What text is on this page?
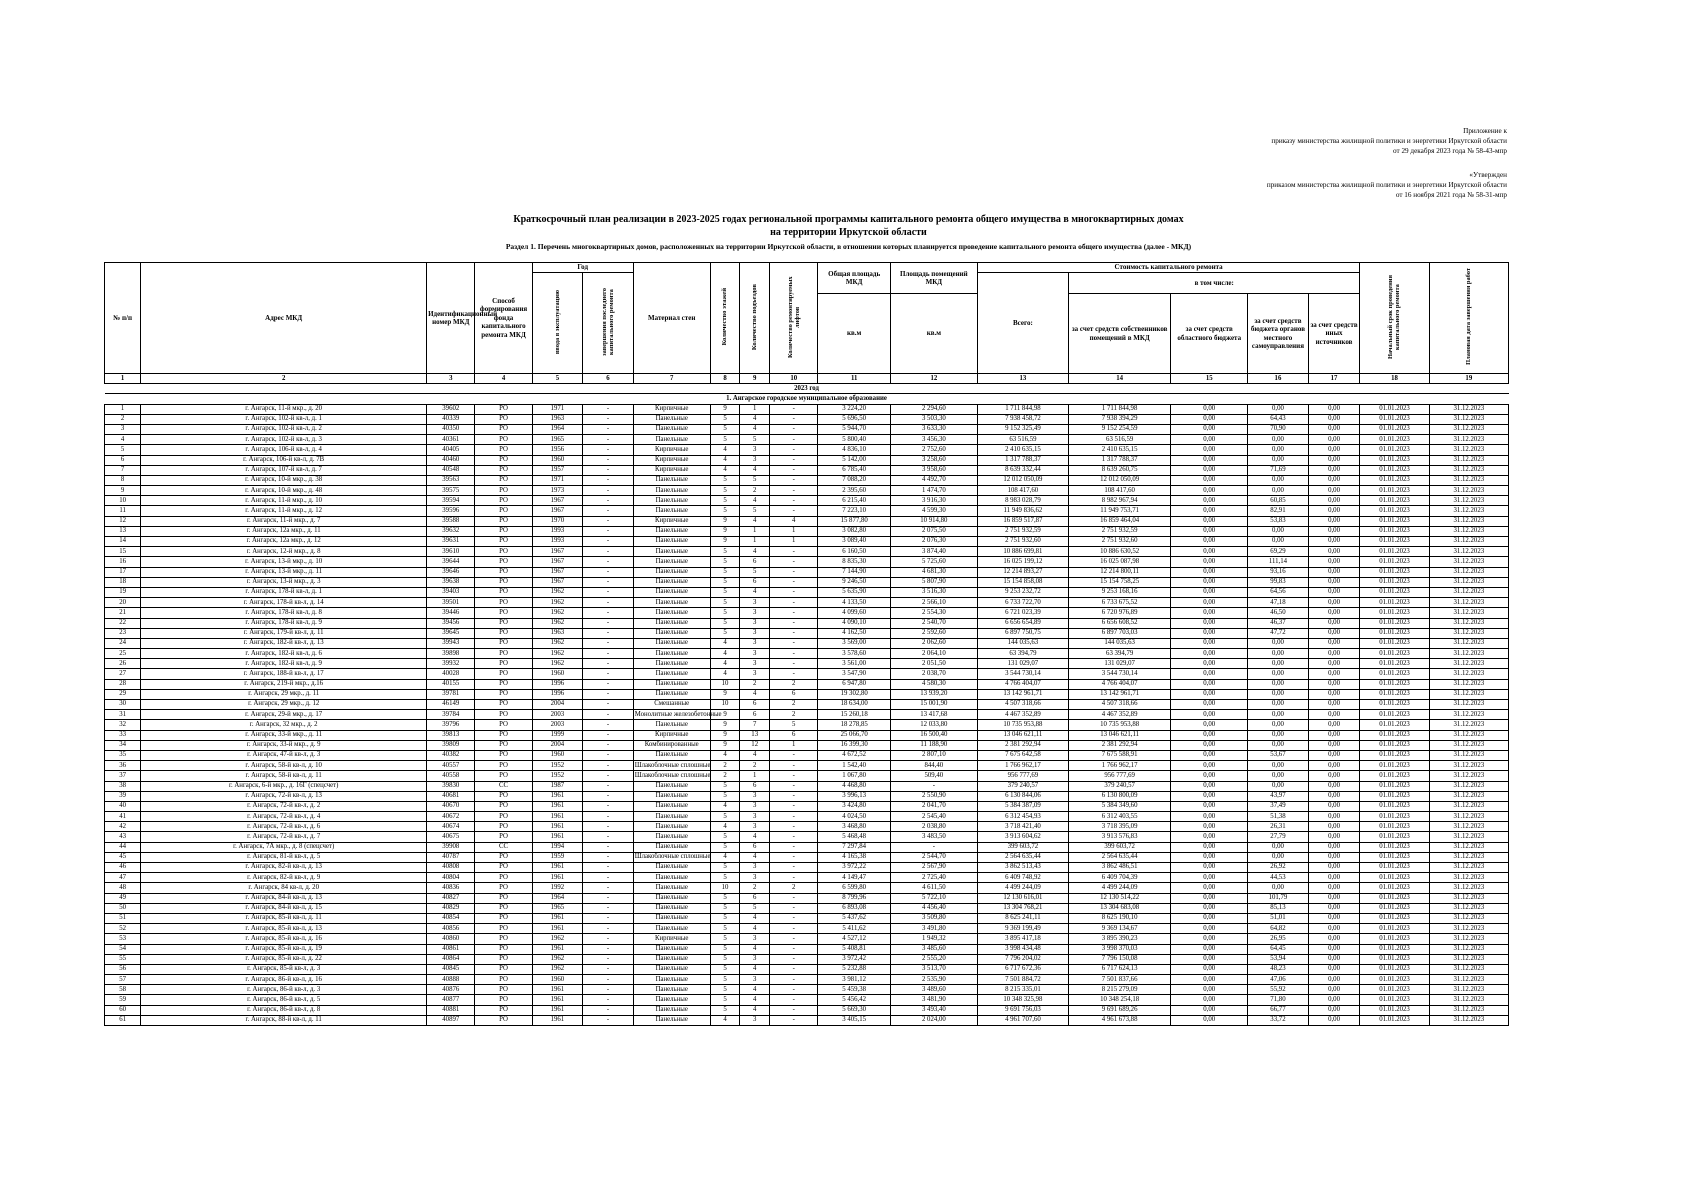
Приложение к
приказу министерства жилищной политики и энергетики Иркутской области
от 29 декабря 2023 года № 58-43-мпр
«Утвержден
приказом министерства жилищной политики и энергетики Иркутской области
от 16 ноября 2021 года № 58-31-мпр
Краткосрочный план реализации в 2023-2025 годах региональной программы капитального ремонта общего имущества в многоквартирных домах
на территории Иркутской области
Раздел 1. Перечень многоквартирных домов, расположенных на территории Иркутской области, в отношении которых планируется проведение капитального ремонта общего имущества (далее - МКД)
№ п/п	Адрес МКД	Идентификационный номер МКД	Способ формирования фонда капитального ремонта МКД	Год		Материал стен	Количество этажей	Количество подъездов	Количество ремонтируемых лифтов	Общая площадь МКД	Площадь помещений МКД	Стоимость капитального ремонта					Начальный срок проведения капитального ремонта	Плановая дата завершения работ
				ввода в эксплуатацию	завершения последнего капитального ремонта							Всего:	в том числе:					
										кв.м	кв.м		за счет средств собственников помещений в МКД	за счет средств областного бюджета	за счет средств бюджета органов местного самоуправления	за счет средств иных источников		
1	2	3	4	5	6	7	8	9	10	11	12	13	14	15	16	17	18	19
2023 год																		
1. Ангарское городское муниципальное образование																		
1	г. Ангарск, 11-й мкр., д. 20	39602	РО	1971	-	Кирпичные	9	1	-	3 224,20	2 294,60	1 711 844,98	1 711 844,98	0,00	0,00	0,00	01.01.2023	31.12.2023
2	г. Ангарск, 102-й кв-л, д. 1	40339	РО	1963	-	Панельные	5	4	-	5 696,50	3 503,30	7 938 458,72	7 938 394,29	0,00	64,43	0,00	01.01.2023	31.12.2023
3	г. Ангарск, 102-й кв-л, д. 2	40350	РО	1964	-	Панельные	5	4	-	5 944,70	3 633,30	9 152 325,49	9 152 254,59	0,00	70,90	0,00	01.01.2023	31.12.2023
4	г. Ангарск, 102-й кв-л, д. 3	40361	РО	1965	-	Панельные	5	5	-	5 800,40	3 456,30	63 516,59	63 516,59	0,00	0,00	0,00	01.01.2023	31.12.2023
5	г. Ангарск, 106-й кв-л, д. 4	40405	РО	1956	-	Кирпичные	4	3	-	4 836,10	2 752,60	2 410 635,15	2 410 635,15	0,00	0,00	0,00	01.01.2023	31.12.2023
6	г. Ангарск, 106-й кв-л, д. 7В	40460	РО	1960	-	Кирпичные	4	3	-	5 142,00	3 258,60	1 317 788,37	1 317 788,37	0,00	0,00	0,00	01.01.2023	31.12.2023
7	г. Ангарск, 107-й кв-л, д. 7	40548	РО	1957	-	Кирпичные	4	4	-	6 785,40	3 958,60	8 639 332,44	8 639 260,75	0,00	71,69	0,00	01.01.2023	31.12.2023
8	г. Ангарск, 10-й мкр., д. 38	39563	РО	1971	-	Панельные	5	5	-	7 088,20	4 492,70	12 012 050,09	12 012 050,09	0,00	0,00	0,00	01.01.2023	31.12.2023
9	г. Ангарск, 10-й мкр., д. 48	39575	РО	1973	-	Панельные	5	2	-	2 395,60	1 474,70	108 417,60	108 417,60	0,00	0,00	0,00	01.01.2023	31.12.2023
10	г. Ангарск, 11-й мкр., д. 10	39594	РО	1967	-	Панельные	5	4	-	6 215,40	3 916,30	8 983 028,79	8 982 967,94	0,00	60,85	0,00	01.01.2023	31.12.2023
11	г. Ангарск, 11-й мкр., д. 12	39596	РО	1967	-	Панельные	5	5	-	7 223,10	4 599,30	11 949 836,62	11 949 753,71	0,00	82,91	0,00	01.01.2023	31.12.2023
12	г. Ангарск, 11-й мкр., д. 7	39588	РО	1970	-	Кирпичные	9	4	4	15 877,80	10 914,80	16 859 517,87	16 859 464,04	0,00	53,83	0,00	01.01.2023	31.12.2023
13	г. Ангарск, 12а мкр., д. 11	39632	РО	1993	-	Панельные	9	1	1	3 082,80	2 075,50	2 751 932,59	2 751 932,59	0,00	0,00	0,00	01.01.2023	31.12.2023
14	г. Ангарск, 12а мкр., д. 12	39631	РО	1993	-	Панельные	9	1	1	3 089,40	2 076,30	2 751 932,60	2 751 932,60	0,00	0,00	0,00	01.01.2023	31.12.2023
15	г. Ангарск, 12-й мкр., д. 8	39610	РО	1967	-	Панельные	5	4	-	6 160,50	3 874,40	10 886 699,81	10 886 630,52	0,00	69,29	0,00	01.01.2023	31.12.2023
16	г. Ангарск, 13-й мкр., д. 10	39644	РО	1967	-	Панельные	5	6	-	8 835,30	5 725,60	16 025 199,12	16 025 087,98	0,00	111,14	0,00	01.01.2023	31.12.2023
17	г. Ангарск, 13-й мкр., д. 11	39646	РО	1967	-	Панельные	5	5	-	7 144,90	4 681,30	12 214 893,27	12 214 800,11	0,00	93,16	0,00	01.01.2023	31.12.2023
18	г. Ангарск, 13-й мкр., д. 3	39638	РО	1967	-	Панельные	5	6	-	9 246,50	5 807,90	15 154 858,08	15 154 758,25	0,00	99,83	0,00	01.01.2023	31.12.2023
19	г. Ангарск, 178-й кв-л, д. 1	39403	РО	1962	-	Панельные	5	4	-	5 635,90	3 516,30	9 253 232,72	9 253 168,16	0,00	64,56	0,00	01.01.2023	31.12.2023
20	г. Ангарск, 178-й кв-л, д. 14	39501	РО	1962	-	Панельные	5	3	-	4 133,50	2 566,10	6 733 722,70	6 733 675,52	0,00	47,18	0,00	01.01.2023	31.12.2023
21	г. Ангарск, 178-й кв-л, д. 8	39446	РО	1962	-	Панельные	5	3	-	4 099,60	2 554,30	6 721 023,39	6 720 976,89	0,00	46,50	0,00	01.01.2023	31.12.2023
22	г. Ангарск, 178-й кв-л, д. 9	39456	РО	1962	-	Панельные	5	3	-	4 090,10	2 540,70	6 656 654,89	6 656 608,52	0,00	46,37	0,00	01.01.2023	31.12.2023
23	г. Ангарск, 179-й кв-л, д. 11	39645	РО	1963	-	Панельные	5	3	-	4 162,50	2 592,60	6 897 750,75	6 897 703,03	0,00	47,72	0,00	01.01.2023	31.12.2023
24	г. Ангарск, 182-й кв-л, д. 13	39943	РО	1962	-	Панельные	4	3	-	3 569,00	2 062,60	144 035,63	144 035,63	0,00	0,00	0,00	01.01.2023	31.12.2023
25	г. Ангарск, 182-й кв-л, д. 6	39898	РО	1962	-	Панельные	4	3	-	3 578,60	2 064,10	63 394,79	63 394,79	0,00	0,00	0,00	01.01.2023	31.12.2023
26	г. Ангарск, 182-й кв-л, д. 9	39932	РО	1962	-	Панельные	4	3	-	3 561,00	2 051,50	131 029,07	131 029,07	0,00	0,00	0,00	01.01.2023	31.12.2023
27	г. Ангарск, 188-й кв-л, д. 17	40028	РО	1960	-	Панельные	4	3	-	3 547,90	2 038,70	3 544 730,14	3 544 730,14	0,00	0,00	0,00	01.01.2023	31.12.2023
28	г. Ангарск, 219-й мкр., д.16	40155	РО	1996	-	Панельные	10	2	2	6 947,80	4 580,30	4 766 404,07	4 766 404,07	0,00	0,00	0,00	01.01.2023	31.12.2023
29	г. Ангарск, 29 мкр., д. 11	39781	РО	1996	-	Панельные	9	4	6	19 302,80	13 939,20	13 142 961,71	13 142 961,71	0,00	0,00	0,00	01.01.2023	31.12.2023
30	г. Ангарск, 29 мкр., д. 12	46149	РО	2004	-	Смешанные	10	6	2	18 634,00	15 001,90	4 507 318,66	4 507 318,66	0,00	0,00	0,00	01.01.2023	31.12.2023
31	г. Ангарск, 29-й мкр., д. 17	39784	РО	2003	-	Монолитные железобетонные	9	6	2	15 260,18	13 417,68	4 467 352,89	4 467 352,89	0,00	0,00	0,00	01.01.2023	31.12.2023
32	г. Ангарск, 32 мкр., д. 2	39796	РО	2003	-	Панельные	9	7	5	18 278,85	12 033,80	10 735 953,88	10 735 953,88	0,00	0,00	0,00	01.01.2023	31.12.2023
33	г. Ангарск, 33-й мкр., д. 11	39813	РО	1999	-	Кирпичные	9	13	6	25 066,70	16 500,40	13 046 621,11	13 046 621,11	0,00	0,00	0,00	01.01.2023	31.12.2023
34	г. Ангарск, 33-й мкр., д. 9	39809	РО	2004	-	Комбинированные	9	12	1	16 399,30	11 188,90	2 381 292,94	2 381 292,94	0,00	0,00	0,00	01.01.2023	31.12.2023
35	г. Ангарск, 47-й кв-л, д. 3	40382	РО	1960	-	Панельные	4	4	-	4 672,52	2 807,10	7 675 642,58	7 675 588,91	0,00	53,67	0,00	01.01.2023	31.12.2023
36	г. Ангарск, 58-й кв-л, д. 10	40557	РО	1952	-	Шлакоблочные сплошные	2	2	-	1 542,40	844,40	1 766 962,17	1 766 962,17	0,00	0,00	0,00	01.01.2023	31.12.2023
37	г. Ангарск, 58-й кв-л, д. 11	40558	РО	1952	-	Шлакоблочные сплошные	2	1	-	1 067,80	509,40	956 777,69	956 777,69	0,00	0,00	0,00	01.01.2023	31.12.2023
38	г. Ангарск, 6-й мкр., д. 16Г (спецсчет)	39830	СС	1987	-	Панельные	5	6	-	4 468,80	-	379 240,57	379 240,57	0,00	0,00	0,00	01.01.2023	31.12.2023
39	г. Ангарск, 72-й кв-л, д. 13	40681	РО	1961	-	Панельные	5	3	-	3 996,13	2 550,90	6 130 844,06	6 130 800,09	0,00	43,97	0,00	01.01.2023	31.12.2023
40	г. Ангарск, 72-й кв-л, д. 2	40670	РО	1961	-	Панельные	4	3	-	3 424,80	2 041,70	5 384 387,09	5 384 349,60	0,00	37,49	0,00	01.01.2023	31.12.2023
41	г. Ангарск, 72-й кв-л, д. 4	40672	РО	1961	-	Панельные	5	3	-	4 024,50	2 545,40	6 312 454,93	6 312 403,55	0,00	51,38	0,00	01.01.2023	31.12.2023
42	г. Ангарск, 72-й кв-л, д. 6	40674	РО	1961	-	Панельные	4	3	-	3 468,80	2 038,80	3 718 421,40	3 718 395,09	0,00	26,31	0,00	01.01.2023	31.12.2023
43	г. Ангарск, 72-й кв-л, д. 7	40675	РО	1961	-	Панельные	5	4	-	5 468,48	3 483,50	3 913 604,62	3 913 576,83	0,00	27,79	0,00	01.01.2023	31.12.2023
44	г. Ангарск, 7А мкр., д. 8 (спецсчет)	39908	СС	1994	-	Панельные	5	6	-	7 297,84	-	399 603,72	399 603,72	0,00	0,00	0,00	01.01.2023	31.12.2023
45	г. Ангарск, 81-й кв-л, д. 5	40787	РО	1959	-	Шлакоблочные сплошные	4	4	-	4 165,38	2 544,70	2 564 635,44	2 564 635,44	0,00	0,00	0,00	01.01.2023	31.12.2023
46	г. Ангарск, 82-й кв-л, д. 13	40808	РО	1961	-	Панельные	5	3	-	3 972,22	2 567,90	3 862 513,43	3 862 486,51	0,00	26,92	0,00	01.01.2023	31.12.2023
47	г. Ангарск, 82-й кв-л, д. 9	40804	РО	1961	-	Панельные	5	3	-	4 149,47	2 725,40	6 409 748,92	6 409 704,39	0,00	44,53	0,00	01.01.2023	31.12.2023
48	г. Ангарск, 84 кв-л, д. 20	40836	РО	1992	-	Панельные	10	2	2	6 599,80	4 611,50	4 499 244,09	4 499 244,09	0,00	0,00	0,00	01.01.2023	31.12.2023
49	г. Ангарск, 84-й кв-л, д. 13	40827	РО	1964	-	Панельные	5	6	-	8 799,96	5 722,10	12 130 616,01	12 130 514,22	0,00	101,79	0,00	01.01.2023	31.12.2023
50	г. Ангарск, 84-й кв-л, д. 15	40829	РО	1965	-	Панельные	5	5	-	6 893,08	4 456,40	13 304 768,21	13 304 683,08	0,00	85,13	0,00	01.01.2023	31.12.2023
51	г. Ангарск, 85-й кв-л, д. 11	40854	РО	1961	-	Панельные	5	4	-	5 437,62	3 509,80	8 625 241,11	8 625 190,10	0,00	51,01	0,00	01.01.2023	31.12.2023
52	г. Ангарск, 85-й кв-л, д. 13	40856	РО	1961	-	Панельные	5	4	-	5 411,62	3 491,80	9 369 199,49	9 369 134,67	0,00	64,82	0,00	01.01.2023	31.12.2023
53	г. Ангарск, 85-й кв-л, д. 16	40860	РО	1962	-	Кирпичные	5	3	-	4 527,12	1 949,32	3 895 417,18	3 895 390,23	0,00	26,95	0,00	01.01.2023	31.12.2023
54	г. Ангарск, 85-й кв-л, д. 19	40861	РО	1961	-	Панельные	5	4	-	5 408,81	3 485,60	3 998 434,48	3 998 370,03	0,00	64,45	0,00	01.01.2023	31.12.2023
55	г. Ангарск, 85-й кв-л, д. 22	40864	РО	1962	-	Панельные	5	3	-	3 972,42	2 555,20	7 796 204,02	7 796 150,08	0,00	53,94	0,00	01.01.2023	31.12.2023
56	г. Ангарск, 85-й кв-л, д. 3	40845	РО	1962	-	Панельные	5	4	-	5 232,88	3 513,70	6 717 672,36	6 717 624,13	0,00	48,23	0,00	01.01.2023	31.12.2023
57	г. Ангарск, 86-й кв-л, д. 16	40888	РО	1960	-	Панельные	5	3	-	3 981,12	2 535,90	7 501 884,72	7 501 837,66	0,00	47,06	0,00	01.01.2023	31.12.2023
58	г. Ангарск, 86-й кв-л, д. 3	40876	РО	1961	-	Панельные	5	4	-	5 459,38	3 489,60	8 215 335,01	8 215 279,09	0,00	55,92	0,00	01.01.2023	31.12.2023
59	г. Ангарск, 86-й кв-л, д. 5	40877	РО	1961	-	Панельные	5	4	-	5 456,42	3 481,90	10 348 325,98	10 348 254,18	0,00	71,80	0,00	01.01.2023	31.12.2023
60	г. Ангарск, 86-й кв-л, д. 8	40881	РО	1961	-	Панельные	5	4	-	5 669,30	3 493,40	9 691 756,03	9 691 689,26	0,00	66,77	0,00	01.01.2023	31.12.2023
61	г. Ангарск, 88-й кв-л, д. 11	40897	РО	1961	-	Панельные	4	3	-	3 405,15	2 024,00	4 961 707,60	4 961 673,88	0,00	33,72	0,00	01.01.2023	31.12.2023
